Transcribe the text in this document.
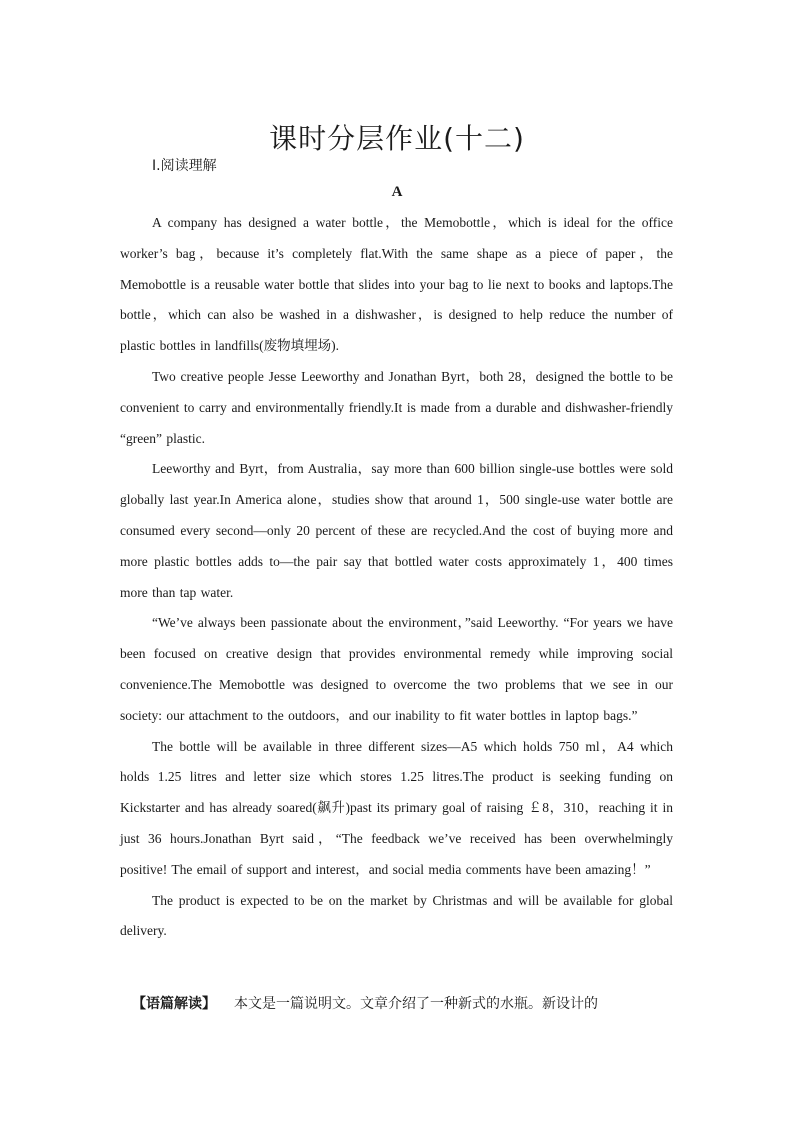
课时分层作业(十二)
Ⅰ.阅读理解
A

A company has designed a water bottle，the Memobottle，which is ideal for the office worker’s bag，because it’s completely flat.With the same shape as a piece of paper，the Memobottle is a reusable water bottle that slides into your bag to lie next to books and laptops.The bottle，which can also be washed in a dishwasher，is designed to help reduce the number of plastic bottles in landfills(废物填埋场).

Two creative people Jesse Leeworthy and Jonathan Byrt，both 28，designed the bottle to be convenient to carry and environmentally friendly.It is made from a durable and dishwasher-friendly “green” plastic.

Leeworthy and Byrt，from Australia，say more than 600 billion single-use bottles were sold globally last year.In America alone，studies show that around 1，500 single-use water bottle are consumed every second—only 20 percent of these are recycled.And the cost of buying more and more plastic bottles adds to—the pair say that bottled water costs approximately 1，400 times more than tap water.

“We’ve always been passionate about the environment，”said Leeworthy. “For years we have been focused on creative design that provides environmental remedy while improving social convenience.The Memobottle was designed to overcome the two problems that we see in our society: our attachment to the outdoors，and our inability to fit water bottles in laptop bags.”

The bottle will be available in three different sizes—A5 which holds 750 ml，A4 which holds 1.25 litres and letter size which stores 1.25 litres.The product is seeking funding on Kickstarter and has already soared(飙升)past its primary goal of raising ￡8，310，reaching it in just 36 hours.Jonathan Byrt said，“The feedback we’ve received has been overwhelmingly positive! The email of support and interest，and social media comments have been amazing！”

The product is expected to be on the market by Christmas and will be available for global delivery.

【语篇解读】 本文是一篇说明文。文章介绍了一种新式的水瓶。新设计的
